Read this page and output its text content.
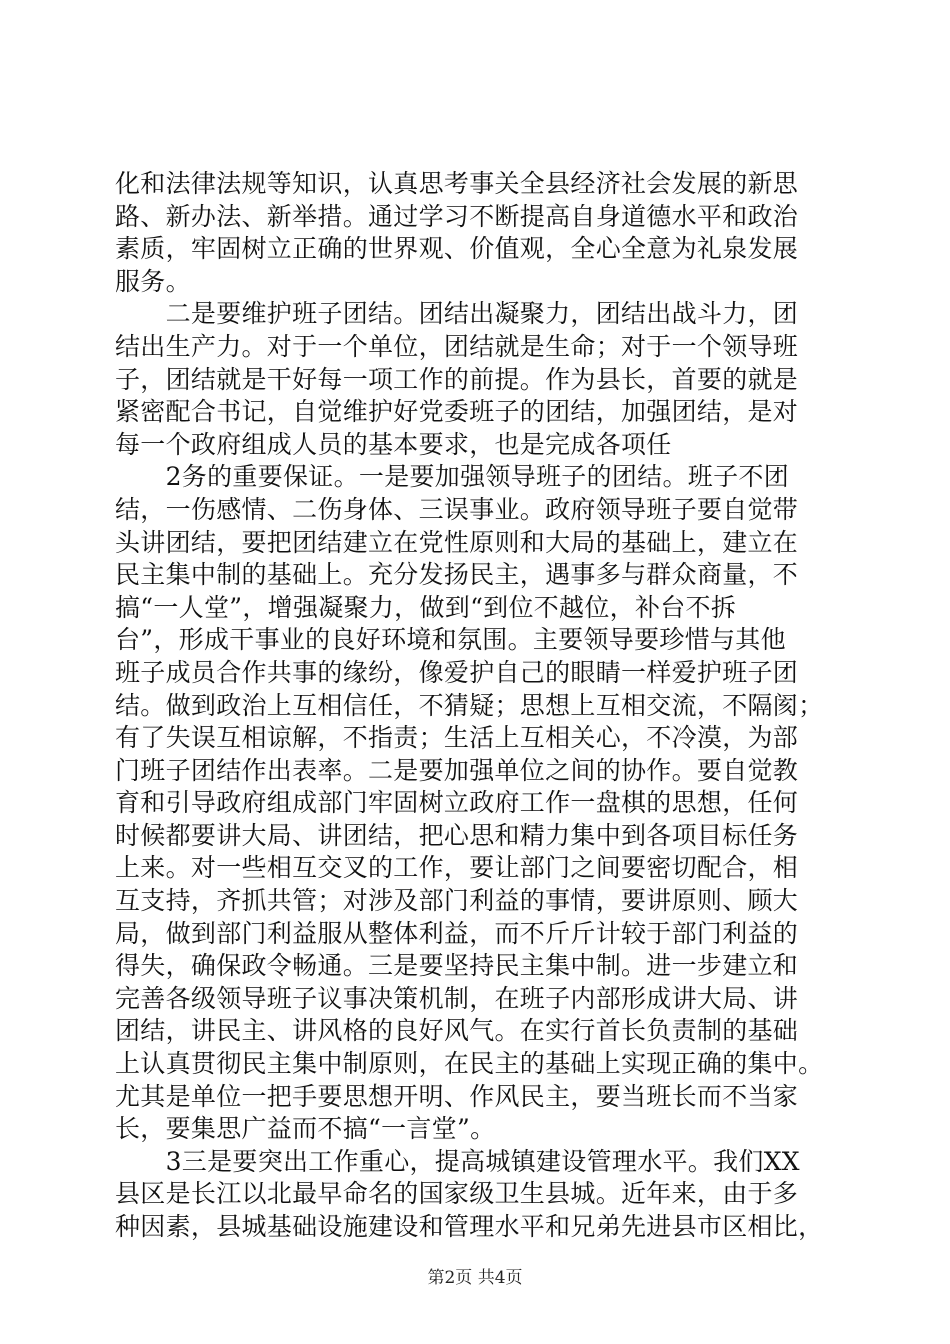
化和法律法规等知识，认真思考事关全县经济社会发展的新思
路、新办法、新举措。通过学习不断提高自身道德水平和政治
素质，牢固树立正确的世界观、价值观，全心全意为礼泉发展
服务。
　　二是要维护班子团结。团结出凝聚力，团结出战斗力，团
结出生产力。对于一个单位，团结就是生命；对于一个领导班
子，团结就是干好每一项工作的前提。作为县长，首要的就是
紧密配合书记，自觉维护好党委班子的团结，加强团结，是对
每一个政府组成人员的基本要求，也是完成各项任
　　2务的重要保证。一是要加强领导班子的团结。班子不团
结，一伤感情、二伤身体、三误事业。政府领导班子要自觉带
头讲团结，要把团结建立在党性原则和大局的基础上，建立在
民主集中制的基础上。充分发扬民主，遇事多与群众商量，不
搞“一人堂”，增强凝聚力，做到“到位不越位，补台不拆
台”，形成干事业的良好环境和氛围。主要领导要珍惜与其他
班子成员合作共事的缘纷，像爱护自己的眼睛一样爱护班子团
结。做到政治上互相信任，不猜疑；思想上互相交流，不隔阂；
有了失误互相谅解，不指责；生活上互相关心，不冷漠，为部
门班子团结作出表率。二是要加强单位之间的协作。要自觉教
育和引导政府组成部门牢固树立政府工作一盘棋的思想，任何
时候都要讲大局、讲团结，把心思和精力集中到各项目标任务
上来。对一些相互交叉的工作，要让部门之间要密切配合，相
互支持，齐抓共管；对涉及部门利益的事情，要讲原则、顾大
局，做到部门利益服从整体利益，而不斤斤计较于部门利益的
得失，确保政令畅通。三是要坚持民主集中制。进一步建立和
完善各级领导班子议事决策机制，在班子内部形成讲大局、讲
团结，讲民主、讲风格的良好风气。在实行首长负责制的基础
上认真贯彻民主集中制原则，在民主的基础上实现正确的集中。
尤其是单位一把手要思想开明、作风民主，要当班长而不当家
长，要集思广益而不搞“一言堂”。
　　3三是要突出工作重心，提高城镇建设管理水平。我们XX
县区是长江以北最早命名的国家级卫生县城。近年来，由于多
种因素，县城基础设施建设和管理水平和兄弟先进县市区相比，
第2页 共4页
